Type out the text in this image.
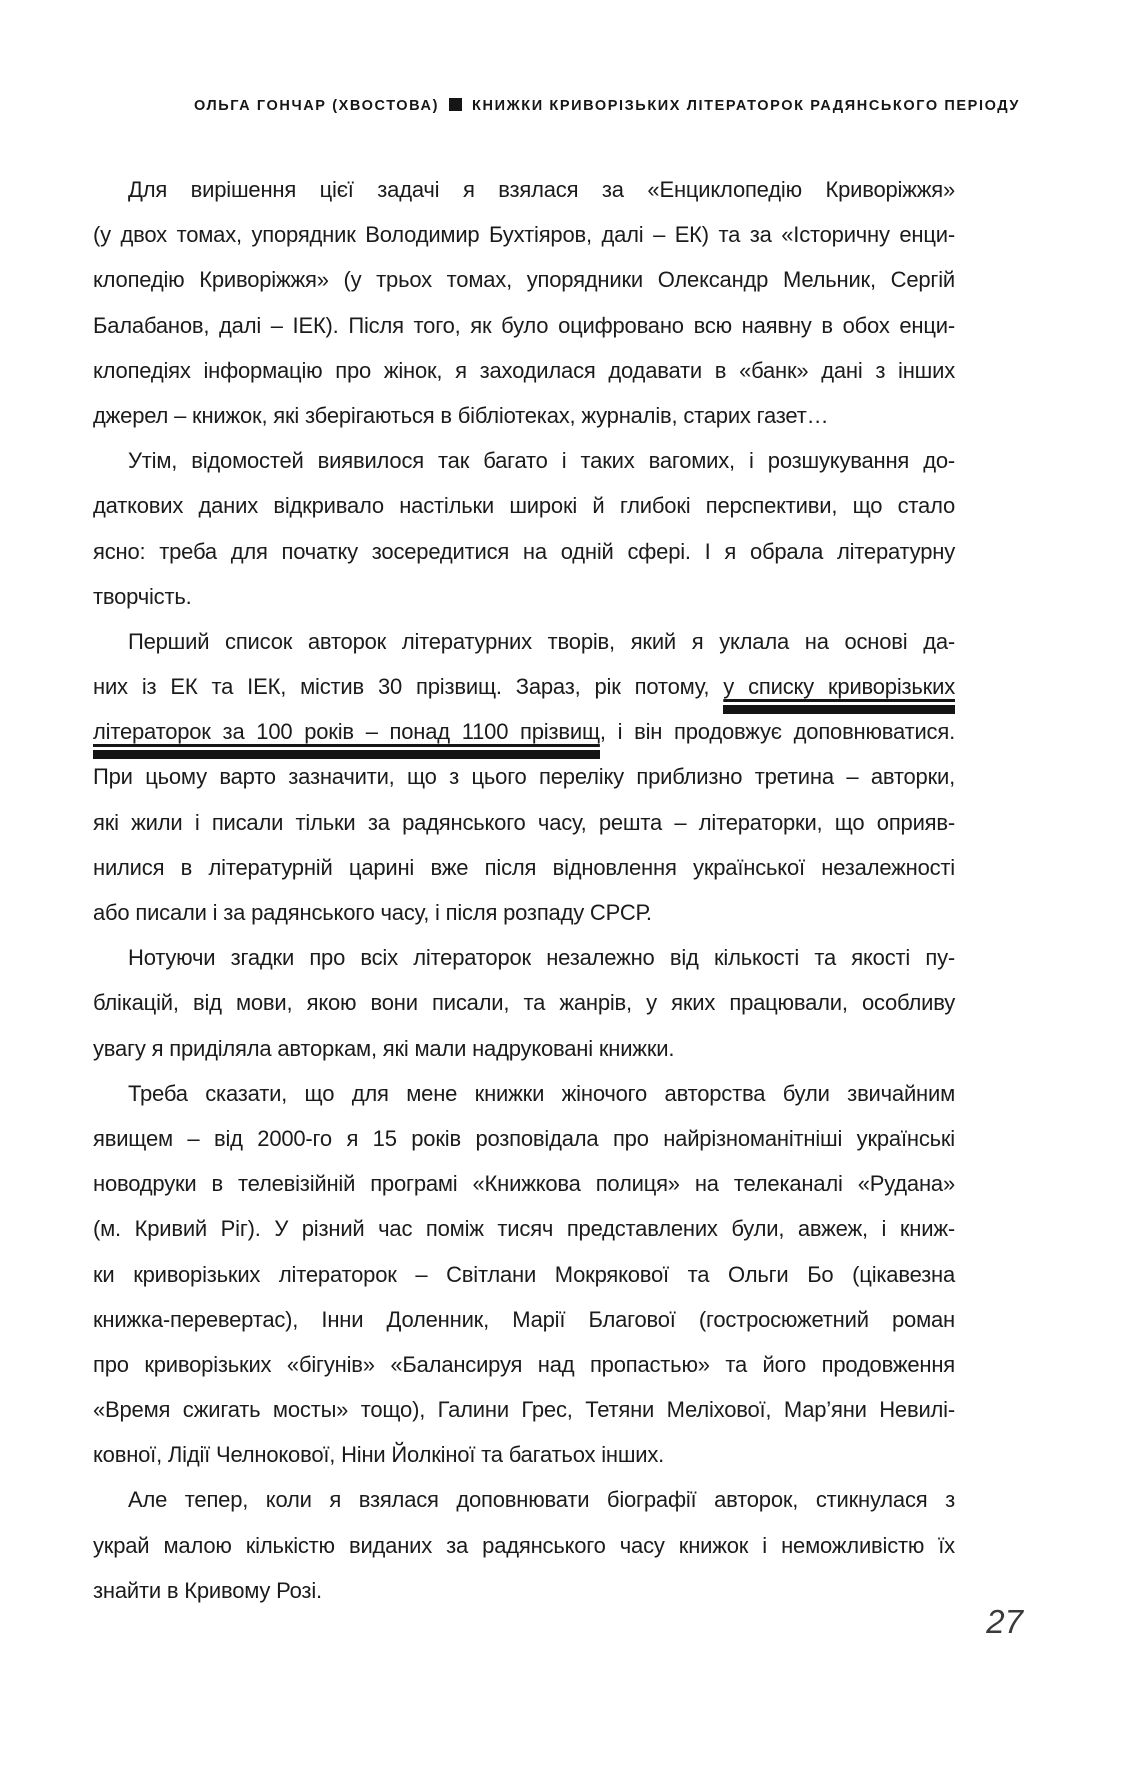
ОЛЬГА ГОНЧАР (ХВОСТОВА) КНИЖКИ КРИВОРІЗЬКИХ ЛІТЕРАТОРОК РАДЯНСЬКОГО ПЕРІОДУ
Для вирішення цієї задачі я взялася за «Енциклопедію Криворіжжя»
(у двох томах, упорядник Володимир Бухтіяров, далі – ЕК) та за «Історичну енци-
клопедію Криворіжжя» (у трьох томах, упорядники Олександр Мельник, Сергій
Балабанов, далі – ІЕК). Після того, як було оцифровано всю наявну в обох енци-
клопедіях інформацію про жінок, я заходилася додавати в «банк» дані з інших
джерел – книжок, які зберігаються в бібліотеках, журналів, старих газет…
Утім, відомостей виявилося так багато і таких вагомих, і розшукування до-
даткових даних відкривало настільки широкі й глибокі перспективи, що стало
ясно: треба для початку зосередитися на одній сфері. І я обрала літературну
творчість.
Перший список авторок літературних творів, який я уклала на основі да-
них із ЕК та ІЕК, містив 30 прізвищ. Зараз, рік потому, у списку криворізьких
літераторок за 100 років – понад 1100 прізвищ, і він продовжує доповнюватися.
При цьому варто зазначити, що з цього переліку приблизно третина – авторки,
які жили і писали тільки за радянського часу, решта – літераторки, що оприяв-
нилися в літературній царині вже після відновлення української незалежності
або писали і за радянського часу, і після розпаду СРСР.
Нотуючи згадки про всіх літераторок незалежно від кількості та якості пу-
блікацій, від мови, якою вони писали, та жанрів, у яких працювали, особливу
увагу я приділяла авторкам, які мали надруковані книжки.
Треба сказати, що для мене книжки жіночого авторства були звичайним
явищем – від 2000-го я 15 років розповідала про найрізноманітніші українські
новодруки в телевізійній програмі «Книжкова полиця» на телеканалі «Рудана»
(м. Кривий Ріг). У різний час поміж тисяч представлених були, авжеж, і книж-
ки криворізьких літераторок – Світлани Мокрякової та Ольги Бо (цікавезна
книжка-перевертас), Інни Доленник, Марії Благової (гостросюжетний роман
про криворізьких «бігунів» «Балансируя над пропастью» та його продовження
«Время сжигать мосты» тощо), Галини Грес, Тетяни Меліхової, Мар’яни Невилі-
ковної, Лідії Челнокової, Ніни Йолкіної та багатьох інших.
Але тепер, коли я взялася доповнювати біографії авторок, стикнулася з
украй малою кількістю виданих за радянського часу книжок і неможливістю їх
знайти в Кривому Розі.
27
